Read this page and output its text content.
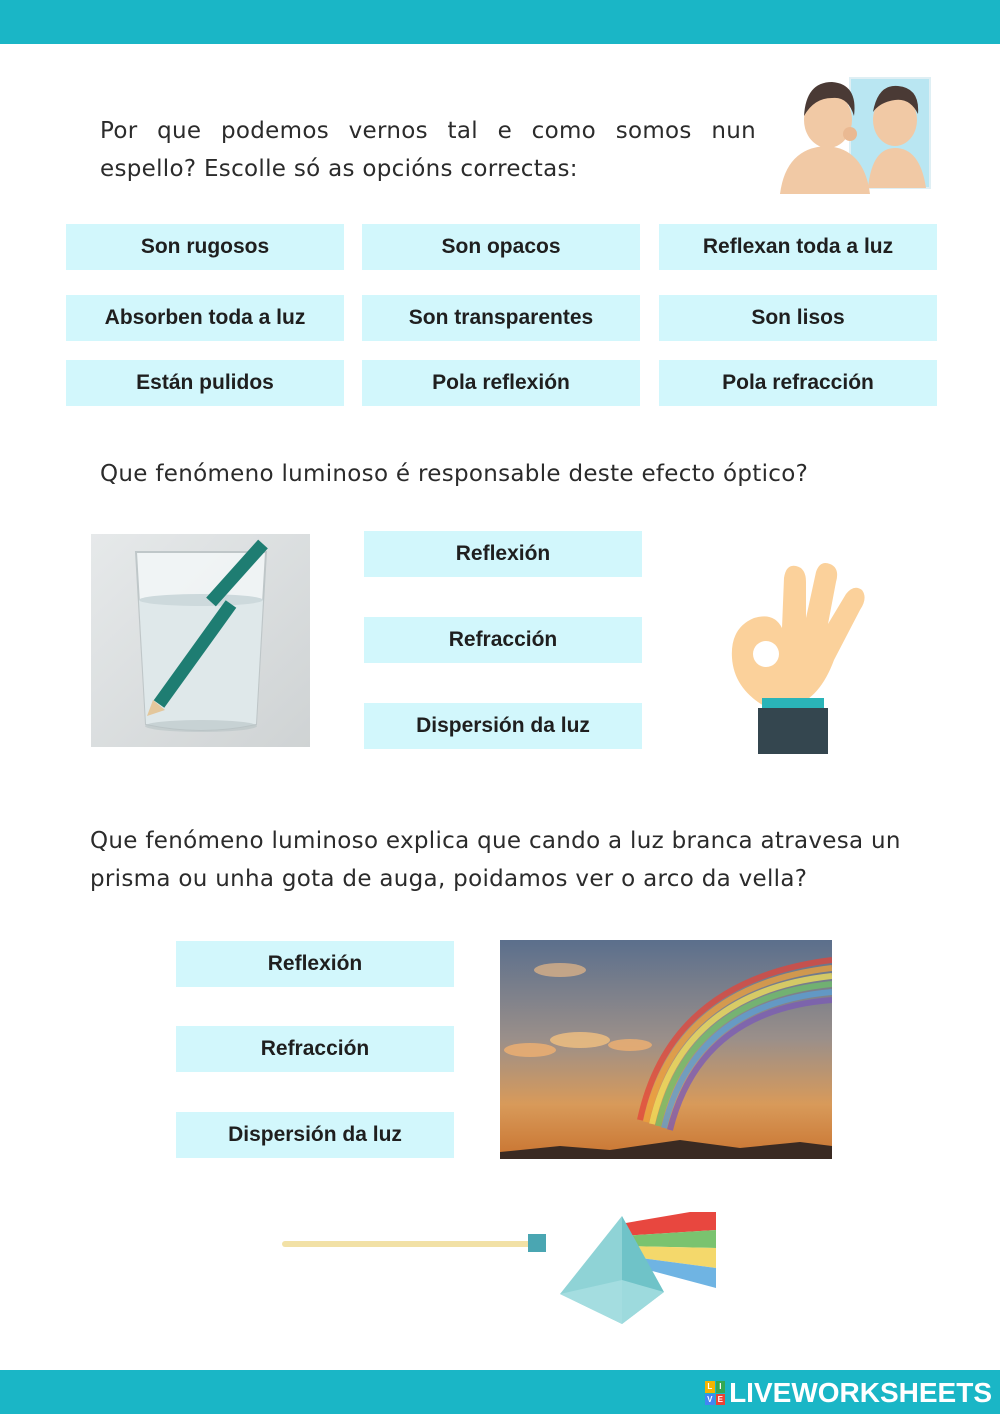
Por que podemos vernos tal e como somos nun espello? Escolle só as opcións correctas:
Son rugosos	Son opacos	Reflexan toda a luz
Absorben toda a luz	Son transparentes	Son lisos
Están pulidos	Pola reflexión	Pola refracción
Que fenómeno luminoso é responsable deste efecto óptico?
Reflexión
Refracción
Dispersión da luz
Que fenómeno luminoso explica que cando a luz branca atravesa un prisma ou unha gota de auga, poidamos ver o arco da vella?
Reflexión
Refracción
Dispersión da luz
L I
V E LIVEWORKSHEETS
